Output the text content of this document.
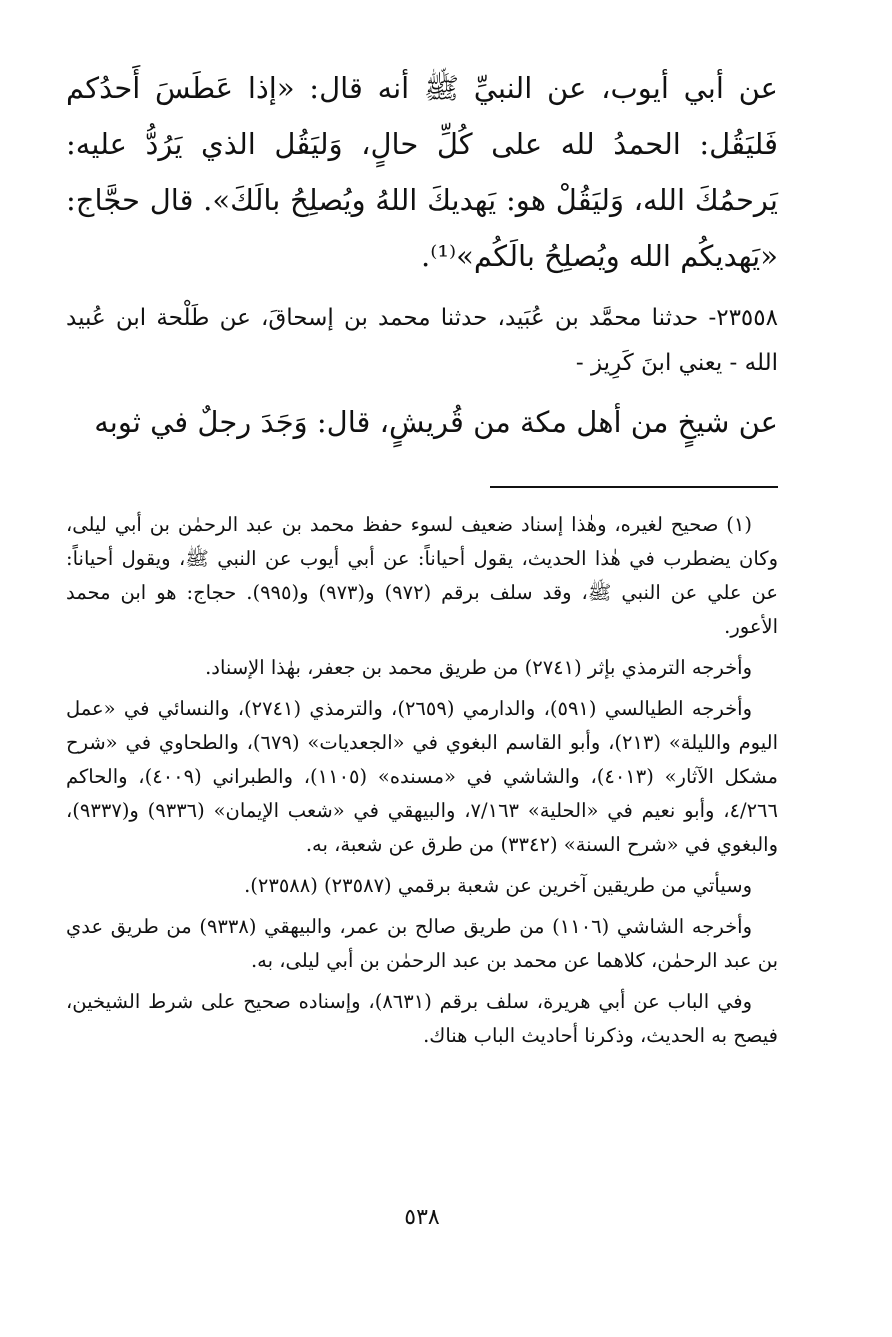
عن أبي أيوب، عن النبيِّ ﷺ أنه قال: «إذا عَطَسَ أَحدُكم فَليَقُل: الحمدُ لله على كُلِّ حالٍ، وَليَقُل الذي يَرُدُّ عليه: يَرحمُكَ الله، وَليَقُلْ هو: يَهديكَ اللهُ ويُصلِحُ بالَكَ». قال حجَّاج: «يَهديكُم الله ويُصلِحُ بالَكُم»⁽¹⁾.

٢٣٥٥٨- حدثنا محمَّد بن عُبَيد، حدثنا محمد بن إسحاقَ، عن طَلْحة ابن عُبيد الله - يعني ابنَ كَرِيز -

عن شيخٍ من أهل مكة من قُريشٍ، قال: وَجَدَ رجلٌ في ثوبه

(١) صحيح لغيره، وهٰذا إسناد ضعيف لسوء حفظ محمد بن عبد الرحمٰن بن أبي ليلى، وكان يضطرب في هٰذا الحديث، يقول أحياناً: عن أبي أيوب عن النبي ﷺ، ويقول أحياناً: عن علي عن النبي ﷺ، وقد سلف برقم (٩٧٢) و(٩٧٣) و(٩٩٥). حجاج: هو ابن محمد الأعور.

وأخرجه الترمذي بإثر (٢٧٤١) من طريق محمد بن جعفر، بهٰذا الإسناد.

وأخرجه الطيالسي (٥٩١)، والدارمي (٢٦٥٩)، والترمذي (٢٧٤١)، والنسائي في «عمل اليوم والليلة» (٢١٣)، وأبو القاسم البغوي في «الجعديات» (٦٧٩)، والطحاوي في «شرح مشكل الآثار» (٤٠١٣)، والشاشي في «مسنده» (١١٠٥)، والطبراني (٤٠٠٩)، والحاكم ٤/٢٦٦، وأبو نعيم في «الحلية» ٧/١٦٣، والبيهقي في «شعب الإيمان» (٩٣٣٦) و(٩٣٣٧)، والبغوي في «شرح السنة» (٣٣٤٢) من طرق عن شعبة، به.

وسيأتي من طريقين آخرين عن شعبة برقمي (٢٣٥٨٧) (٢٣٥٨٨).

وأخرجه الشاشي (١١٠٦) من طريق صالح بن عمر، والبيهقي (٩٣٣٨) من طريق عدي بن عبد الرحمٰن، كلاهما عن محمد بن عبد الرحمٰن بن أبي ليلى، به.

وفي الباب عن أبي هريرة، سلف برقم (٨٦٣١)، وإسناده صحيح على شرط الشيخين، فيصح به الحديث، وذكرنا أحاديث الباب هناك.

٥٣٨
